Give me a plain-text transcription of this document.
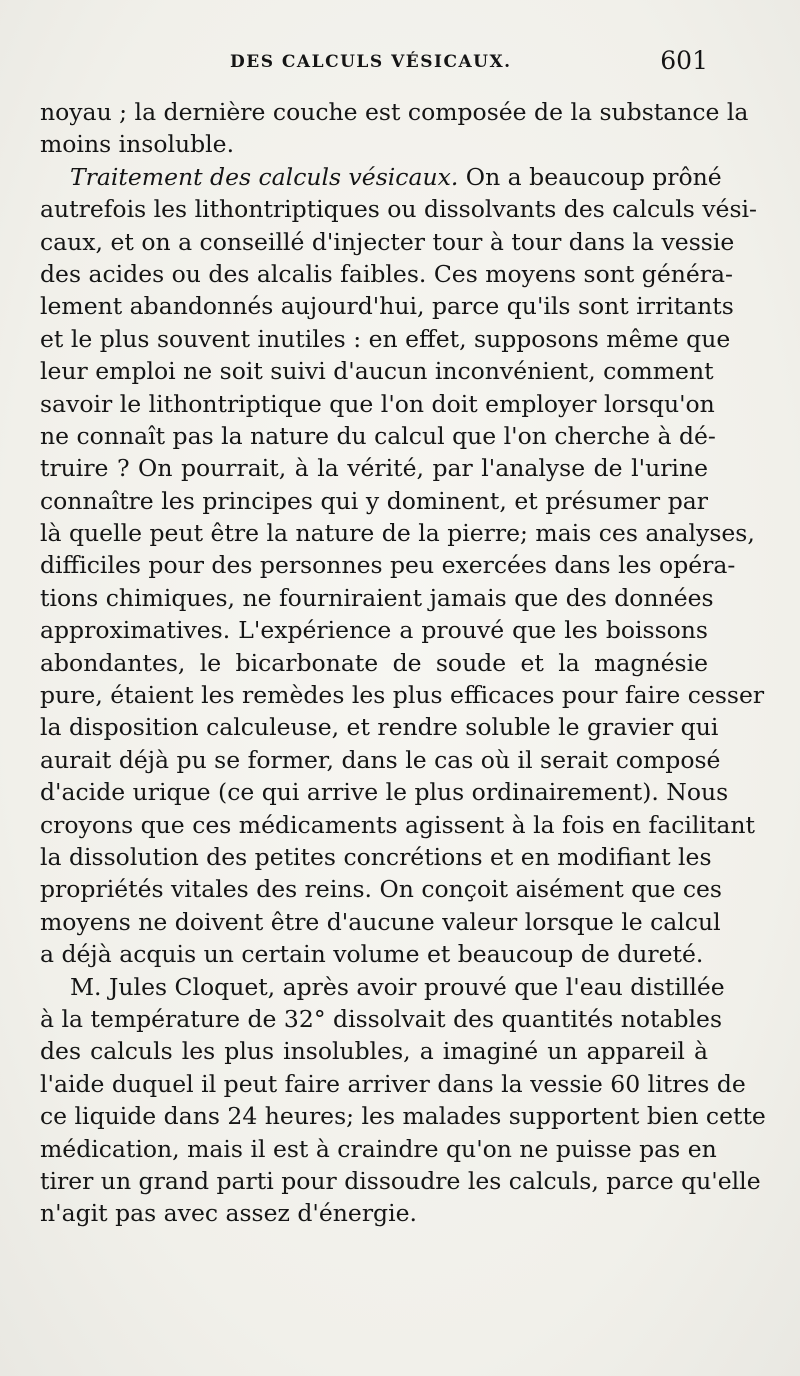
DES CALCULS VÉSICAUX.	601
noyau ; la dernière couche est composée de la substance la
moins insoluble.
Traitement des calculs vésicaux. On a beaucoup prôné
autrefois les lithontriptiques ou dissolvants des calculs vési-
caux, et on a conseillé d'injecter tour à tour dans la vessie
des acides ou des alcalis faibles. Ces moyens sont généra-
lement abandonnés aujourd'hui, parce qu'ils sont irritants
et le plus souvent inutiles : en effet, supposons même que
leur emploi ne soit suivi d'aucun inconvénient, comment
savoir le lithontriptique que l'on doit employer lorsqu'on
ne connaît pas la nature du calcul que l'on cherche à dé-
truire ? On pourrait, à la vérité, par l'analyse de l'urine
connaître les principes qui y dominent, et présumer par
là quelle peut être la nature de la pierre; mais ces analyses,
difficiles pour des personnes peu exercées dans les opéra-
tions chimiques, ne fourniraient jamais que des données
approximatives. L'expérience a prouvé que les boissons
abondantes, le bicarbonate de soude et la magnésie
pure, étaient les remèdes les plus efficaces pour faire cesser
la disposition calculeuse, et rendre soluble le gravier qui
aurait déjà pu se former, dans le cas où il serait composé
d'acide urique (ce qui arrive le plus ordinairement). Nous
croyons que ces médicaments agissent à la fois en facilitant
la dissolution des petites concrétions et en modifiant les
propriétés vitales des reins. On conçoit aisément que ces
moyens ne doivent être d'aucune valeur lorsque le calcul
a déjà acquis un certain volume et beaucoup de dureté.
M. Jules Cloquet, après avoir prouvé que l'eau distillée
à la température de 32° dissolvait des quantités notables
des calculs les plus insolubles, a imaginé un appareil à
l'aide duquel il peut faire arriver dans la vessie 60 litres de
ce liquide dans 24 heures; les malades supportent bien cette
médication, mais il est à craindre qu'on ne puisse pas en
tirer un grand parti pour dissoudre les calculs, parce qu'elle
n'agit pas avec assez d'énergie.
